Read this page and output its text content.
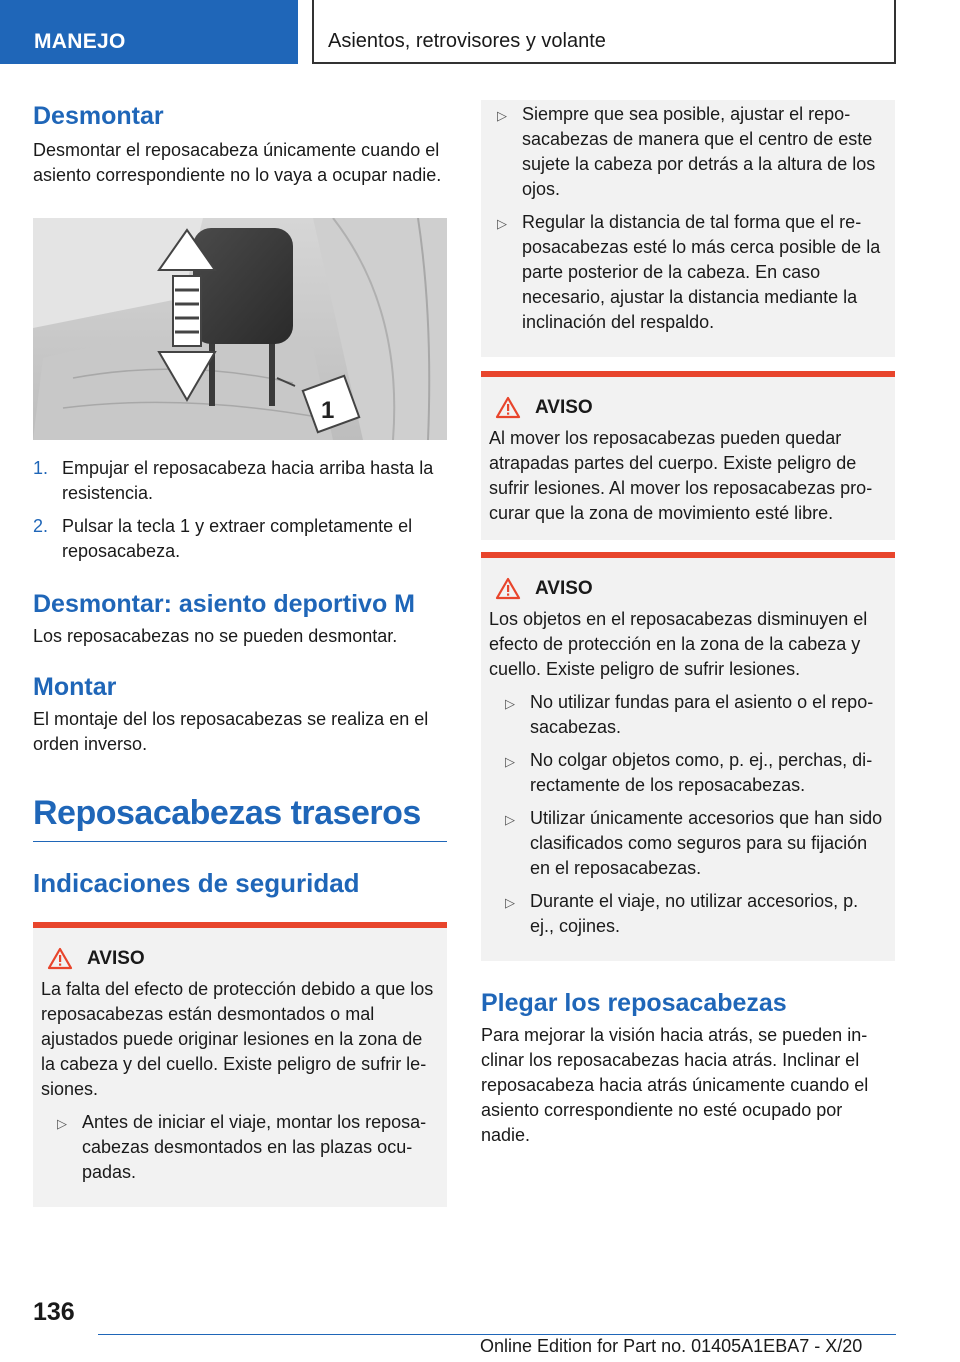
MANEJO	Asientos, retrovisores y volante
Desmontar
Desmontar el reposacabeza únicamente cuando el asiento correspondiente no lo vaya a ocupar nadie.
1
1. Empujar el reposacabeza hacia arriba hasta la resistencia.
2. Pulsar la tecla 1 y extraer completamente el reposacabeza.
Desmontar: asiento deportivo M
Los reposacabezas no se pueden desmontar.
Montar
El montaje del los reposacabezas se realiza en el orden inverso.
Reposacabezas traseros
Indicaciones de seguridad
AVISO
La falta del efecto de protección debido a que los reposacabezas están desmontados o mal ajustados puede originar lesiones en la zona de la cabeza y del cuello. Existe peligro de sufrir lesiones.
▷ Antes de iniciar el viaje, montar los reposacabezas desmontados en las plazas ocupadas.
▷ Siempre que sea posible, ajustar el reposacabezas de manera que el centro de este sujete la cabeza por detrás a la altura de los ojos.
▷ Regular la distancia de tal forma que el reposacabezas esté lo más cerca posible de la parte posterior de la cabeza. En caso necesario, ajustar la distancia mediante la inclinación del respaldo.
AVISO
Al mover los reposacabezas pueden quedar atrapadas partes del cuerpo. Existe peligro de sufrir lesiones. Al mover los reposacabezas procurar que la zona de movimiento esté libre.
AVISO
Los objetos en el reposacabezas disminuyen el efecto de protección en la zona de la cabeza y cuello. Existe peligro de sufrir lesiones.
▷ No utilizar fundas para el asiento o el reposacabezas.
▷ No colgar objetos como, p. ej., perchas, directamente de los reposacabezas.
▷ Utilizar únicamente accesorios que han sido clasificados como seguros para su fijación en el reposacabezas.
▷ Durante el viaje, no utilizar accesorios, p. ej., cojines.
Plegar los reposacabezas
Para mejorar la visión hacia atrás, se pueden inclinar los reposacabezas hacia atrás. Inclinar el reposacabeza hacia atrás únicamente cuando el asiento correspondiente no esté ocupado por nadie.
136
Online Edition for Part no. 01405A1EBA7 - X/20
